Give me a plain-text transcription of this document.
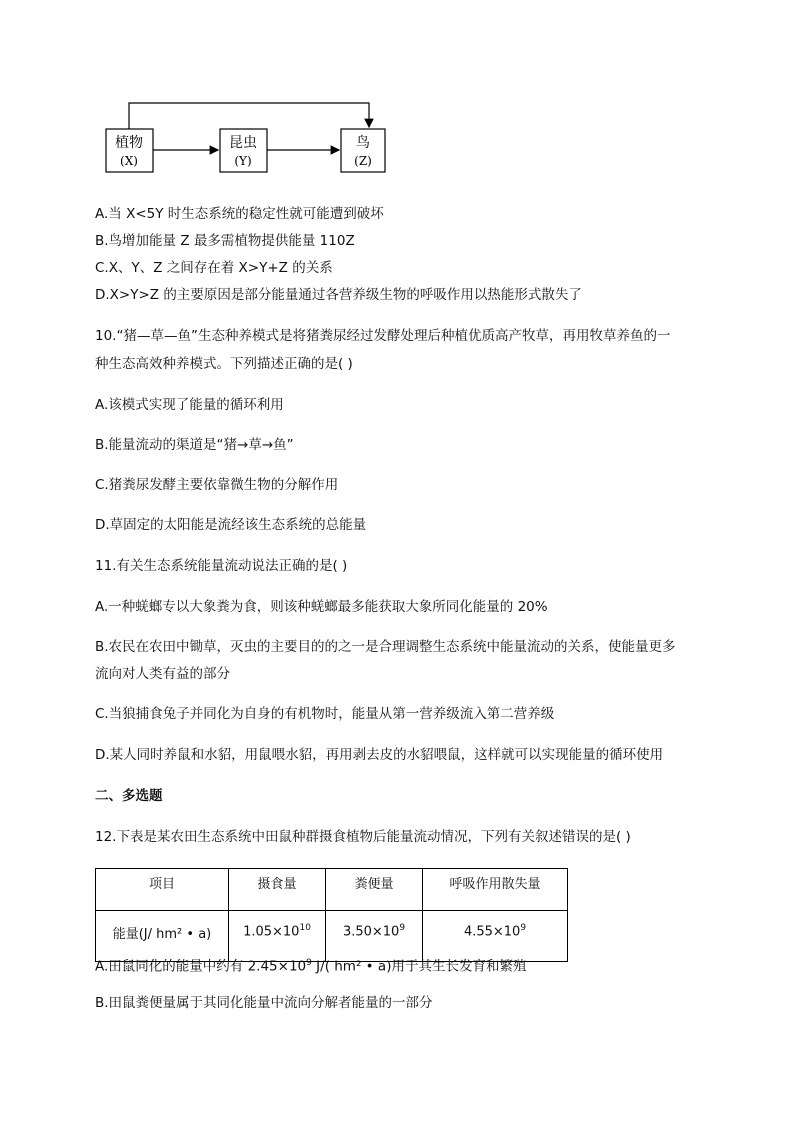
植物
(X)
昆虫
(Y)
鸟
(Z)
A.当 X<5Y 时生态系统的稳定性就可能遭到破坏
B.鸟增加能量 Z 最多需植物提供能量 110Z
C.X、Y、Z 之间存在着 X>Y+Z 的关系
D.X>Y>Z 的主要原因是部分能量通过各营养级生物的呼吸作用以热能形式散失了
10.“猪—草—鱼”生态种养模式是将猪粪尿经过发酵处理后种植优质高产牧草，再用牧草养鱼的一
种生态高效种养模式。下列描述正确的是( )
A.该模式实现了能量的循环利用
B.能量流动的渠道是“猪→草→鱼”
C.猪粪尿发酵主要依靠微生物的分解作用
D.草固定的太阳能是流经该生态系统的总能量
11.有关生态系统能量流动说法正确的是( )
A.一种蜣螂专以大象粪为食，则该种蜣螂最多能获取大象所同化能量的 20%
B.农民在农田中锄草，灭虫的主要目的的之一是合理调整生态系统中能量流动的关系，使能量更多
流向对人类有益的部分
C.当狼捕食兔子并同化为自身的有机物时，能量从第一营养级流入第二营养级
D.某人同时养鼠和水貂，用鼠喂水貂，再用剥去皮的水貂喂鼠，这样就可以实现能量的循环使用
二、多选题
12.下表是某农田生态系统中田鼠种群摄食植物后能量流动情况，下列有关叙述错误的是( )
项目	摄食量	粪便量	呼吸作用散失量
能量(J/ hm² • a)	$1.05\times 10^{10}$	$3.50\times 10^9$	$4.55\times 10^9$
A.田鼠同化的能量中约有 $2.45\times 10^9$ J/( hm² • a)用于其生长发育和繁殖
B.田鼠粪便量属于其同化能量中流向分解者能量的一部分
